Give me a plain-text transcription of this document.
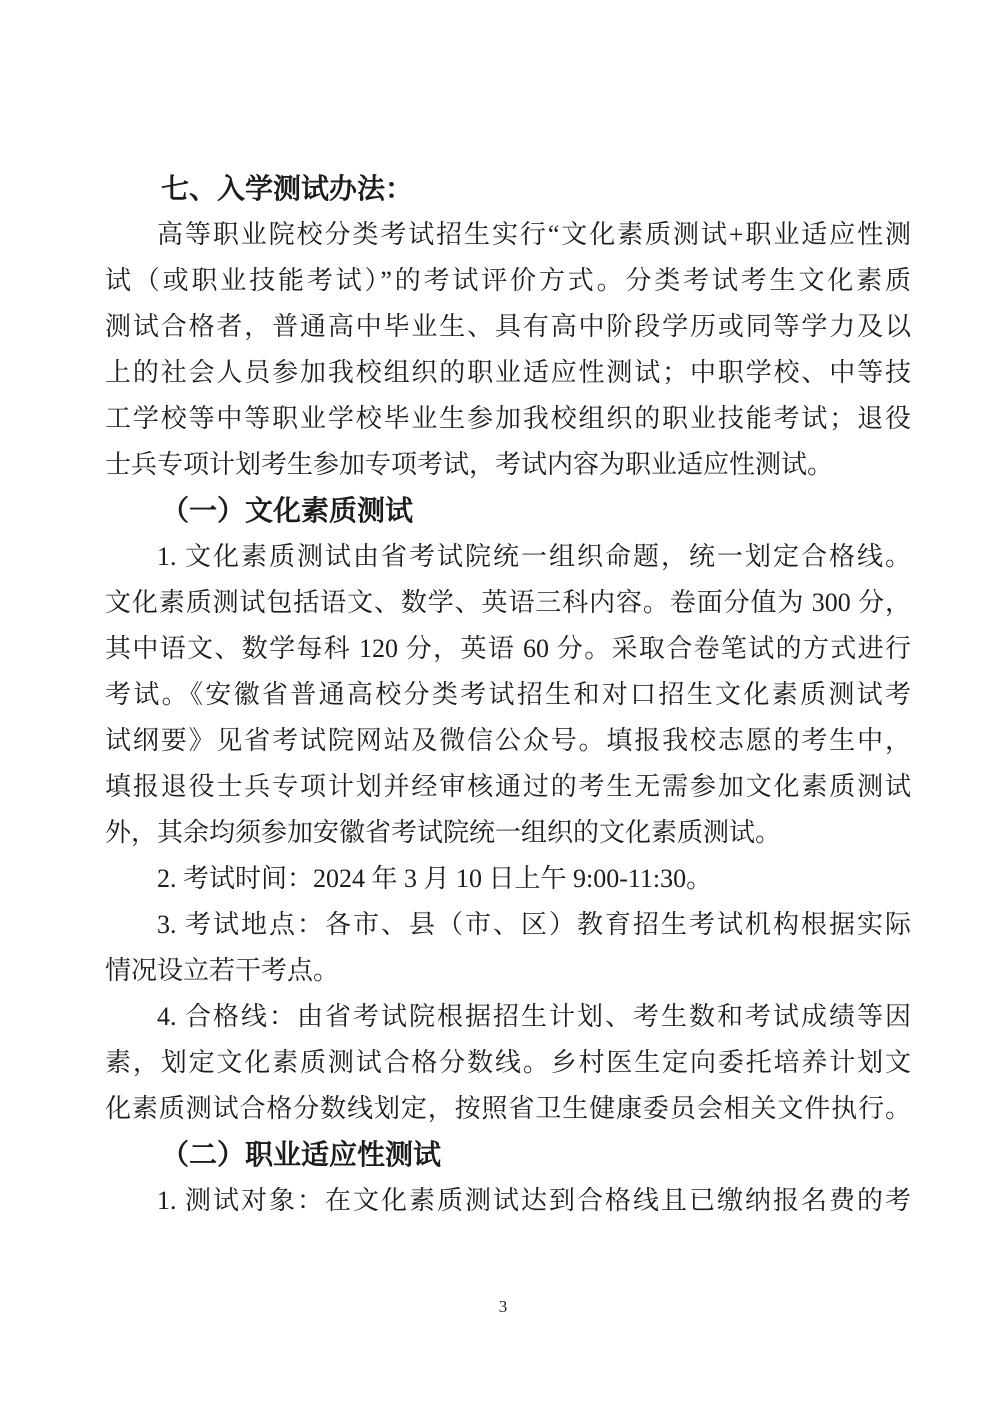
七、入学测试办法：
高等职业院校分类考试招生实行“文化素质测试+职业适应性测
试（或职业技能考试）”的考试评价方式。分类考试考生文化素质
测试合格者，普通高中毕业生、具有高中阶段学历或同等学力及以
上的社会人员参加我校组织的职业适应性测试；中职学校、中等技
工学校等中等职业学校毕业生参加我校组织的职业技能考试；退役
士兵专项计划考生参加专项考试，考试内容为职业适应性测试。
（一）文化素质测试
1. 文化素质测试由省考试院统一组织命题，统一划定合格线。
文化素质测试包括语文、数学、英语三科内容。卷面分值为 300 分，
其中语文、数学每科 120 分，英语 60 分。采取合卷笔试的方式进行
考试。《安徽省普通高校分类考试招生和对口招生文化素质测试考
试纲要》见省考试院网站及微信公众号。填报我校志愿的考生中，
填报退役士兵专项计划并经审核通过的考生无需参加文化素质测试
外，其余均须参加安徽省考试院统一组织的文化素质测试。
2. 考试时间：2024 年 3 月 10 日上午 9:00-11:30。
3. 考试地点：各市、县（市、区）教育招生考试机构根据实际
情况设立若干考点。
4. 合格线：由省考试院根据招生计划、考生数和考试成绩等因
素，划定文化素质测试合格分数线。乡村医生定向委托培养计划文
化素质测试合格分数线划定，按照省卫生健康委员会相关文件执行。
（二）职业适应性测试
1. 测试对象：在文化素质测试达到合格线且已缴纳报名费的考
3
